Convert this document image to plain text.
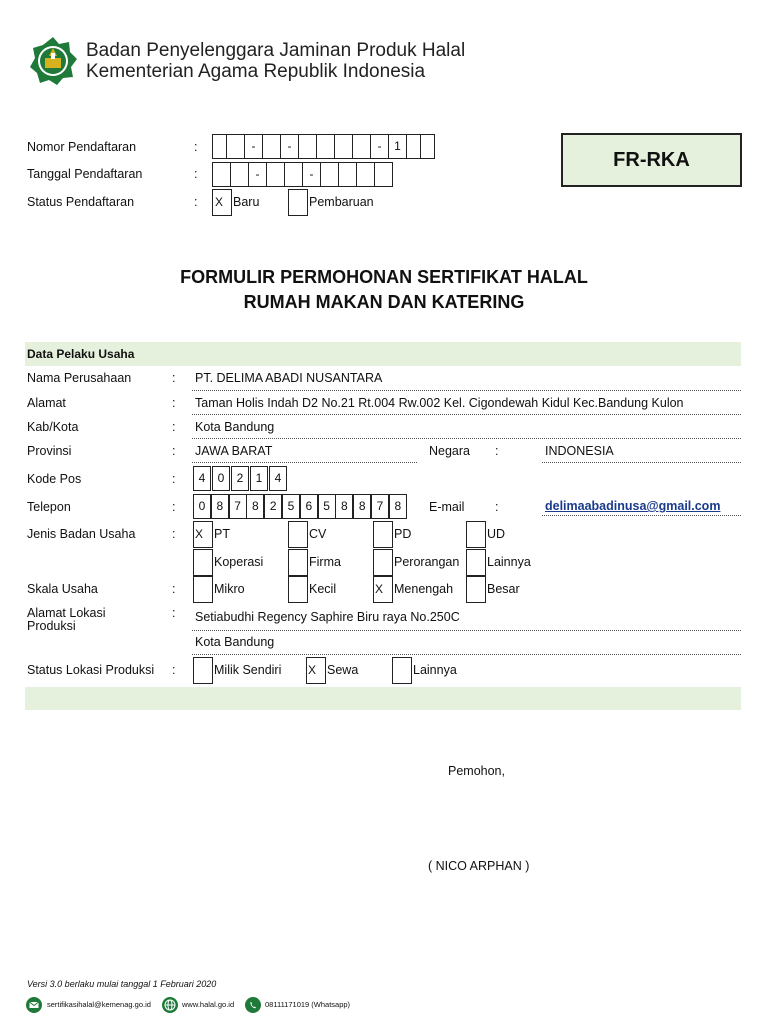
Badan Penyelenggara Jaminan Produk Halal
Kementerian Agama Republik Indonesia
Nomor Pendaftaran	:	-	-	-	1
Tanggal Pendaftaran	:	-	-
Status Pendaftaran	: X Baru	Pembaruan
FR-RKA
FORMULIR PERMOHONAN SERTIFIKAT HALAL
RUMAH MAKAN DAN KATERING
Data Pelaku Usaha
Nama Perusahaan	: PT. DELIMA ABADI NUSANTARA
Alamat	: Taman Holis Indah D2 No.21 Rt.004 Rw.002 Kel. Cigondewah Kidul Kec.Bandung Kulon
Kab/Kota	: Kota Bandung
Provinsi	: JAWA BARAT	Negara :	INDONESIA
Kode Pos	:	4	0	2	1	4
Telepon	:	0 8 7 8 2 5 6 5 8 8 7 8	E-mail :	delimaabadinusa@gmail.com
Jenis Badan Usaha	: X PT	CV	PD	UD
Koperasi	Firma	Perorangan Lainnya
Skala Usaha	:	Mikro	Kecil	X Menengah	Besar
Alamat Lokasi
Produksi
: Setiabudhi Regency Saphire Biru raya No.250C
Kota Bandung
Status Lokasi Produksi :	Milik Sendiri X Sewa	Lainnya
Pemohon,
( NICO ARPHAN )
Versi 3.0 berlaku mulai tanggal 1 Februari 2020
sertifikasihalal@kemenag.go.id	www.halal.go.id	08111171019 (Whatsapp)
